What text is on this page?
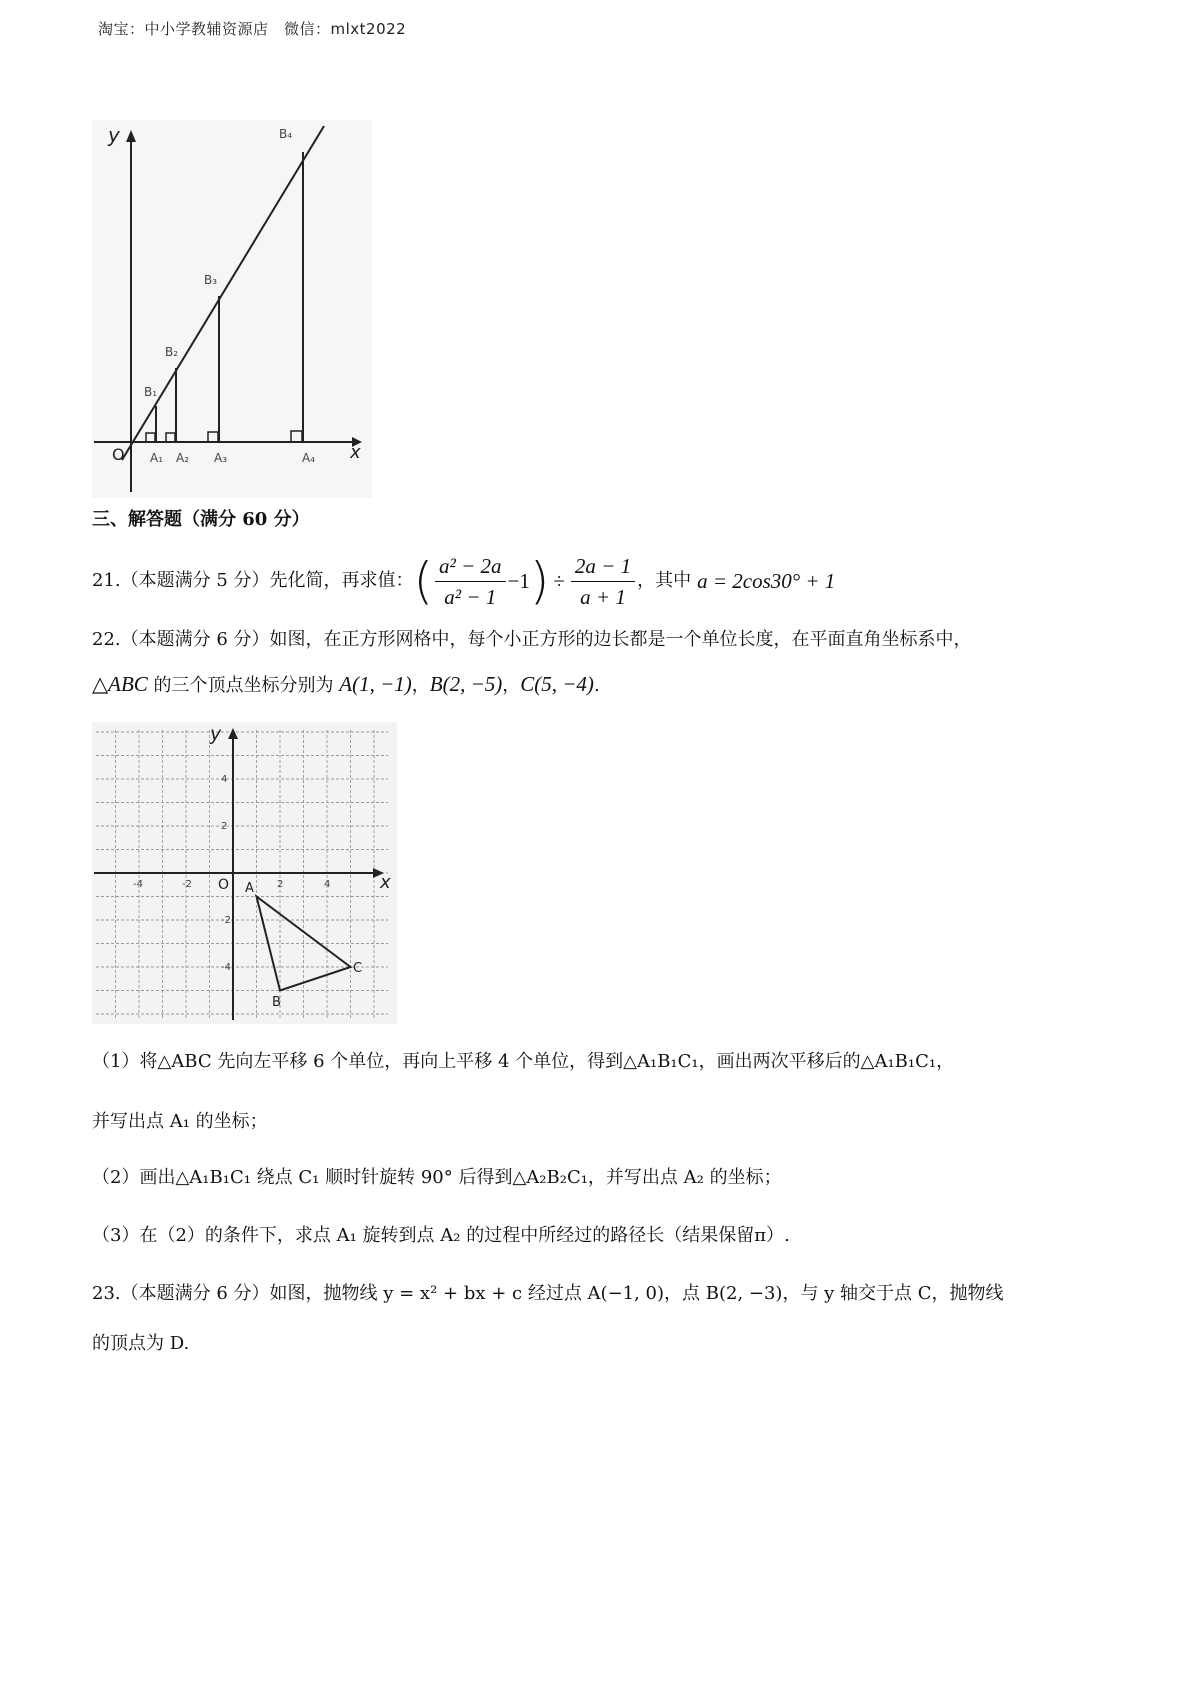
淘宝：中小学教辅资源店　微信：mlxt2022
y
x
O
B₁
B₂
B₃
B₄
A₁ A₂ A₃	A₄
三、解答题（满分 60 分）
21.（本题满分 5 分）先化简，再求值： ( $\frac{\text{a² − 2a}}{\text{a² − 1}} -1$ ) ÷ $\frac{2a - 1}{a + 1}$ ，其中 a = 2cos30° + 1
22.（本题满分 6 分）如图，在正方形网格中，每个小正方形的边长都是一个单位长度，在平面直角坐标系中，
△ABC 的三个顶点坐标分别为 A(1, −1)，B(2, −5)，C(5, −4).
y
x
O
-4	-2	2	4
4
2
-2
-4
A
B
C
（1）将△ABC 先向左平移 6 个单位，再向上平移 4 个单位，得到△A₁B₁C₁，画出两次平移后的△A₁B₁C₁，
并写出点 A₁ 的坐标；
（2）画出△A₁B₁C₁ 绕点 C₁ 顺时针旋转 90° 后得到△A₂B₂C₁，并写出点 A₂ 的坐标；
（3）在（2）的条件下，求点 A₁ 旋转到点 A₂ 的过程中所经过的路径长（结果保留π）.
23.（本题满分 6 分）如图，抛物线 y = x² + bx + c 经过点 A(−1, 0)，点 B(2, −3)，与 y 轴交于点 C，抛物线
的顶点为 D.
